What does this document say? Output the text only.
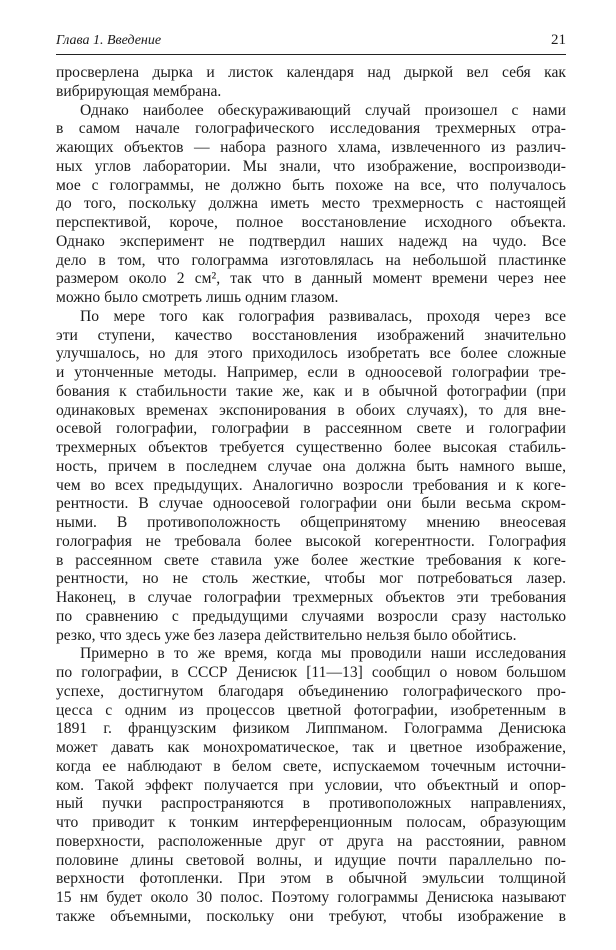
Глава 1. Введение	21
просверлена дырка и листок календаря над дыркой вел себя как
вибрирующая мембрана.
Однако наиболее обескураживающий случай произошел с нами
в самом начале голографического исследования трехмерных отра-
жающих объектов — набора разного хлама, извлеченного из различ-
ных углов лаборатории. Мы знали, что изображение, воспроизводи-
мое с голограммы, не должно быть похоже на все, что получалось
до того, поскольку должна иметь место трехмерность с настоящей
перспективой, короче, полное восстановление исходного объекта.
Однако эксперимент не подтвердил наших надежд на чудо. Все
дело в том, что голограмма изготовлялась на небольшой пластинке
размером около 2 см², так что в данный момент времени через нее
можно было смотреть лишь одним глазом.
По мере того как голография развивалась, проходя через все
эти ступени, качество восстановления изображений значительно
улучшалось, но для этого приходилось изобретать все более сложные
и утонченные методы. Например, если в одноосевой голографии тре-
бования к стабильности такие же, как и в обычной фотографии (при
одинаковых временах экспонирования в обоих случаях), то для вне-
осевой голографии, голографии в рассеянном свете и голографии
трехмерных объектов требуется существенно более высокая стабиль-
ность, причем в последнем случае она должна быть намного выше,
чем во всех предыдущих. Аналогично возросли требования и к коге-
рентности. В случае одноосевой голографии они были весьма скром-
ными. В противоположность общепринятому мнению внеосевая
голография не требовала более высокой когерентности. Голография
в рассеянном свете ставила уже более жесткие требования к коге-
рентности, но не столь жесткие, чтобы мог потребоваться лазер.
Наконец, в случае голографии трехмерных объектов эти требования
по сравнению с предыдущими случаями возросли сразу настолько
резко, что здесь уже без лазера действительно нельзя было обойтись.
Примерно в то же время, когда мы проводили наши исследования
по голографии, в СССР Денисюк [11—13] сообщил о новом большом
успехе, достигнутом благодаря объединению голографического про-
цесса с одним из процессов цветной фотографии, изобретенным в
1891 г. французским физиком Липпманом. Голограмма Денисюка
может давать как монохроматическое, так и цветное изображение,
когда ее наблюдают в белом свете, испускаемом точечным источни-
ком. Такой эффект получается при условии, что объектный и опор-
ный пучки распространяются в противоположных направлениях,
что приводит к тонким интерференционным полосам, образующим
поверхности, расположенные друг от друга на расстоянии, равном
половине длины световой волны, и идущие почти параллельно по-
верхности фотопленки. При этом в обычной эмульсии толщиной
15 нм будет около 30 полос. Поэтому голограммы Денисюка называют
также объемными, поскольку они требуют, чтобы изображение в
